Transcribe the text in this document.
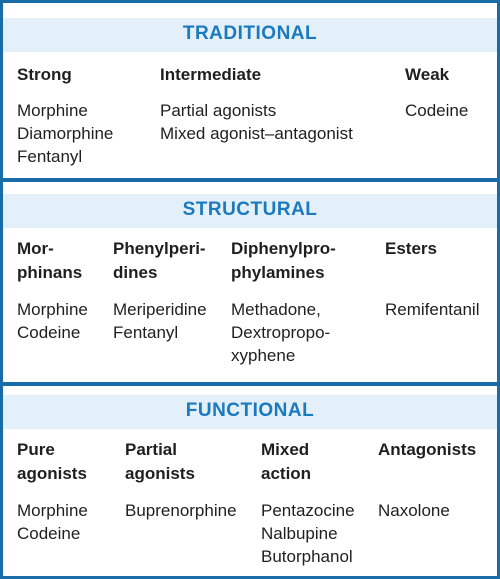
TRADITIONAL
Strong	Intermediate	Weak
Morphine
Diamorphine
Fentanyl
Partial agonists
Mixed agonist–antagonist
Codeine
STRUCTURAL
Mor-
phinans
Phenylperi-
dines
Diphenylpro-
phylamines
Esters
Morphine
Codeine
Meriperidine
Fentanyl
Methadone,
Dextropropo-
xyphene
Remifentanil
FUNCTIONAL
Pure
agonists
Partial
agonists
Mixed
action
Antagonists
Morphine
Codeine
Buprenorphine Pentazocine
Nalbupine
Butorphanol
Naxolone
